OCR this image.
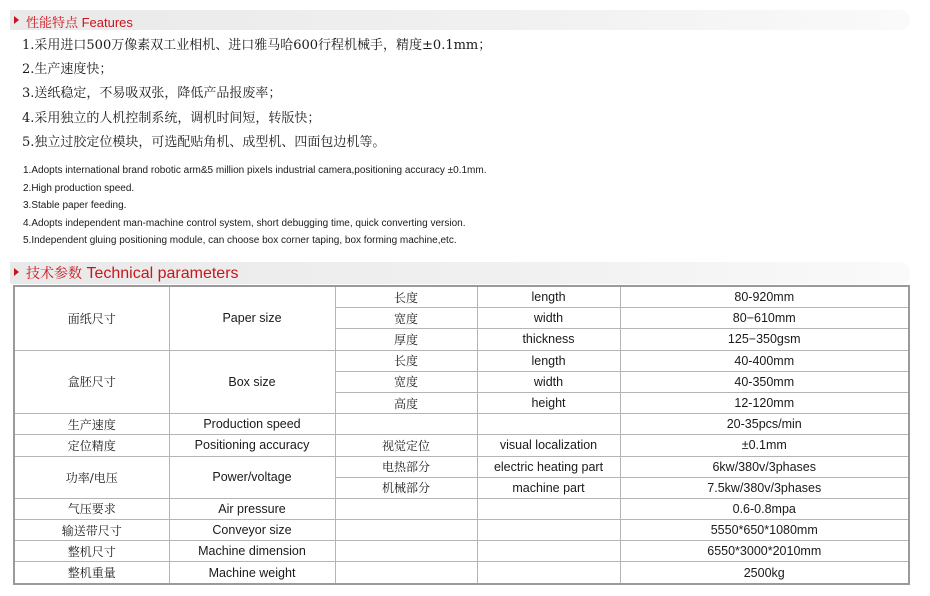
性能特点 Features
1.采用进口500万像素双工业相机、进口雅马哈600行程机械手，精度±0.1mm；
2.生产速度快；
3.送纸稳定，不易吸双张，降低产品报废率；
4.采用独立的人机控制系统，调机时间短，转版快；
5.独立过胶定位模块，可选配贴角机、成型机、四面包边机等。
1.Adopts international brand robotic arm&5 million pixels industrial camera,positioning accuracy ±0.1mm.
2.High production speed.
3.Stable paper feeding.
4.Adopts independent man-machine control system, short debugging time, quick converting version.
5.Independent gluing positioning module, can choose box corner taping, box forming machine,etc.
技术参数 Technical parameters
面纸尺寸	Paper size	长度	length	80-920mm
		宽度	width	80−610mm
		厚度	thickness	125−350gsm
盒胚尺寸	Box size	长度	length	40-400mm
		宽度	width	40-350mm
		高度	height	12-120mm
生产速度	Production speed			20-35pcs/min
定位精度	Positioning accuracy	视觉定位	visual localization	±0.1mm
功率/电压	Power/voltage	电热部分	electric heating part	6kw/380v/3phases
		机械部分	machine part	7.5kw/380v/3phases
气压要求	Air pressure			0.6-0.8mpa
输送带尺寸	Conveyor size			5550*650*1080mm
整机尺寸	Machine dimension			6550*3000*2010mm
整机重量	Machine weight			2500kg
